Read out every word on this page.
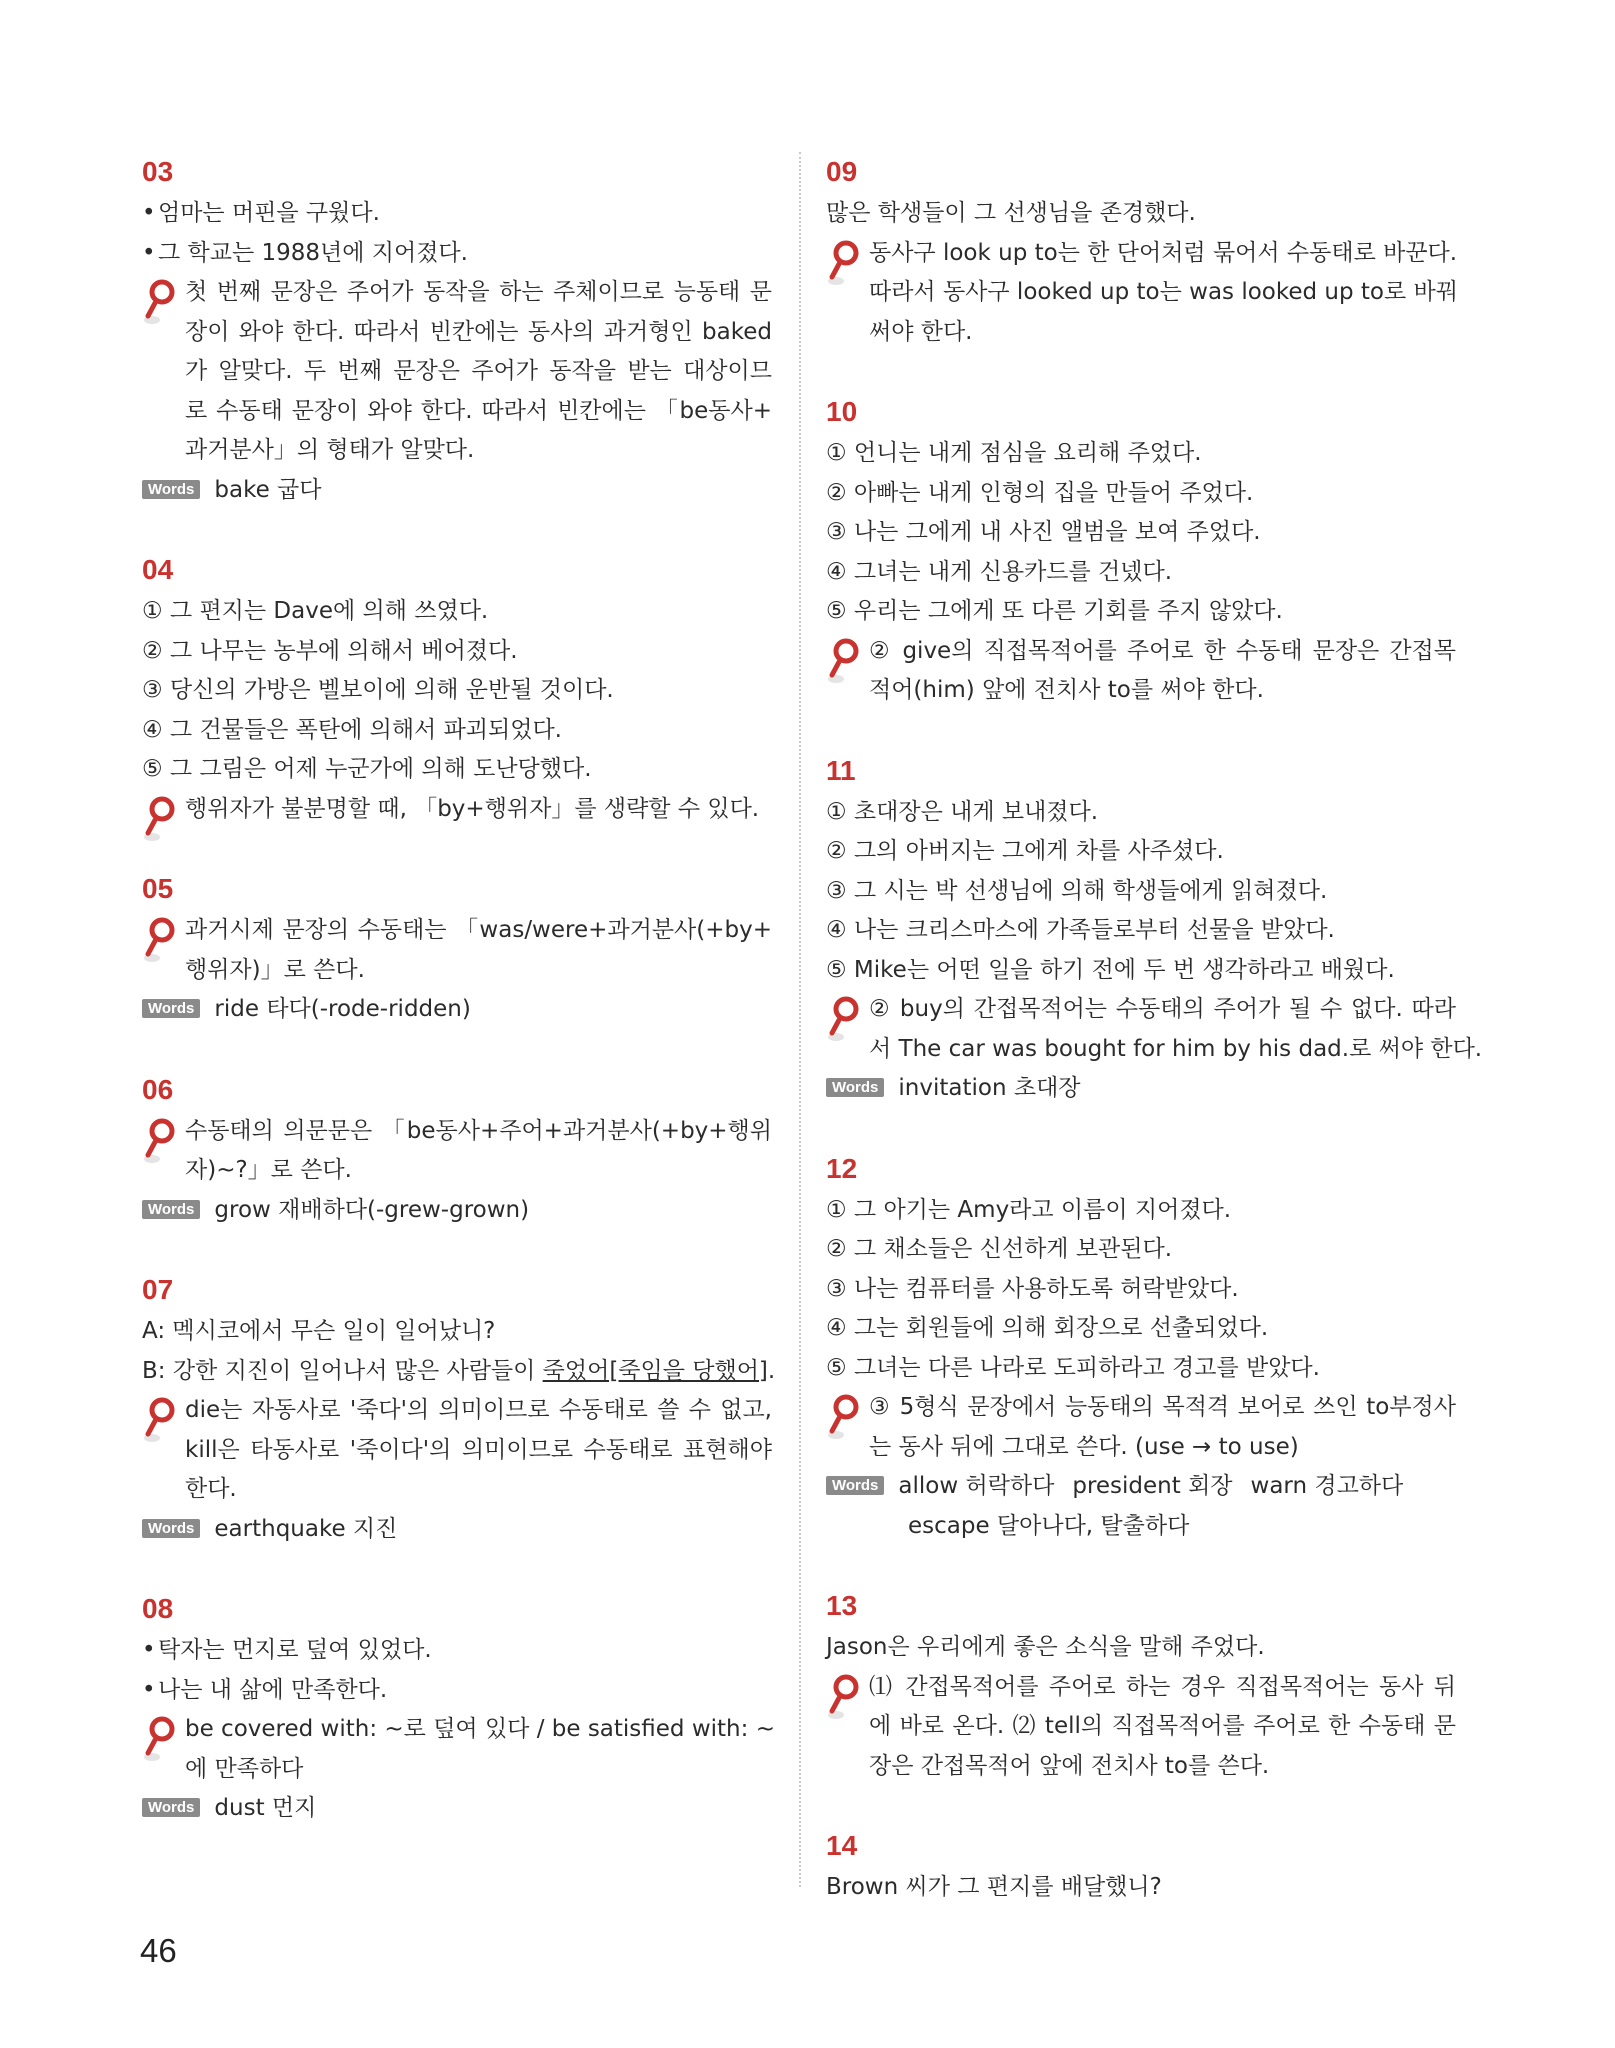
03
• 엄마는 머핀을 구웠다.
• 그 학교는 1988년에 지어졌다.
첫 번째 문장은 주어가 동작을 하는 주체이므로 능동태 문
장이 와야 한다. 따라서 빈칸에는 동사의 과거형인 baked
가 알맞다. 두 번째 문장은 주어가 동작을 받는 대상이므
로 수동태 문장이 와야 한다. 따라서 빈칸에는 「be동사+
과거분사」의 형태가 알맞다.
Words bake 굽다
04
① 그 편지는 Dave에 의해 쓰였다.
② 그 나무는 농부에 의해서 베어졌다.
③ 당신의 가방은 벨보이에 의해 운반될 것이다.
④ 그 건물들은 폭탄에 의해서 파괴되었다.
⑤ 그 그림은 어제 누군가에 의해 도난당했다.
행위자가 불분명할 때, 「by+행위자」를 생략할 수 있다.
05
과거시제 문장의 수동태는 「was/were+과거분사(+by+
행위자)」로 쓴다.
Words ride 타다(-rode-ridden)
06
수동태의 의문문은 「be동사+주어+과거분사(+by+행위
자)~?」로 쓴다.
Words grow 재배하다(-grew-grown)
07
A: 멕시코에서 무슨 일이 일어났니?
B: 강한 지진이 일어나서 많은 사람들이 죽었어[죽임을 당했어].
die는 자동사로 '죽다'의 의미이므로 수동태로 쓸 수 없고,
kill은 타동사로 '죽이다'의 의미이므로 수동태로 표현해야
한다.
Words earthquake 지진
08
• 탁자는 먼지로 덮여 있었다.
• 나는 내 삶에 만족한다.
be covered with: ~로 덮여 있다 / be satisfied with: ~
에 만족하다
Words dust 먼지
09
많은 학생들이 그 선생님을 존경했다.
동사구 look up to는 한 단어처럼 묶어서 수동태로 바꾼다.
따라서 동사구 looked up to는 was looked up to로 바꿔
써야 한다.
10
① 언니는 내게 점심을 요리해 주었다.
② 아빠는 내게 인형의 집을 만들어 주었다.
③ 나는 그에게 내 사진 앨범을 보여 주었다.
④ 그녀는 내게 신용카드를 건넸다.
⑤ 우리는 그에게 또 다른 기회를 주지 않았다.
② give의 직접목적어를 주어로 한 수동태 문장은 간접목
적어(him) 앞에 전치사 to를 써야 한다.
11
① 초대장은 내게 보내졌다.
② 그의 아버지는 그에게 차를 사주셨다.
③ 그 시는 박 선생님에 의해 학생들에게 읽혀졌다.
④ 나는 크리스마스에 가족들로부터 선물을 받았다.
⑤ Mike는 어떤 일을 하기 전에 두 번 생각하라고 배웠다.
② buy의 간접목적어는 수동태의 주어가 될 수 없다. 따라
서 The car was bought for him by his dad.로 써야 한다.
Words invitation 초대장
12
① 그 아기는 Amy라고 이름이 지어졌다.
② 그 채소들은 신선하게 보관된다.
③ 나는 컴퓨터를 사용하도록 허락받았다.
④ 그는 회원들에 의해 회장으로 선출되었다.
⑤ 그녀는 다른 나라로 도피하라고 경고를 받았다.
③ 5형식 문장에서 능동태의 목적격 보어로 쓰인 to부정사
는 동사 뒤에 그대로 쓴다. (use → to use)
Words allow 허락하다 president 회장 warn 경고하다
escape 달아나다, 탈출하다
13
Jason은 우리에게 좋은 소식을 말해 주었다.
⑴ 간접목적어를 주어로 하는 경우 직접목적어는 동사 뒤
에 바로 온다. ⑵ tell의 직접목적어를 주어로 한 수동태 문
장은 간접목적어 앞에 전치사 to를 쓴다.
14
Brown 씨가 그 편지를 배달했니?
46
